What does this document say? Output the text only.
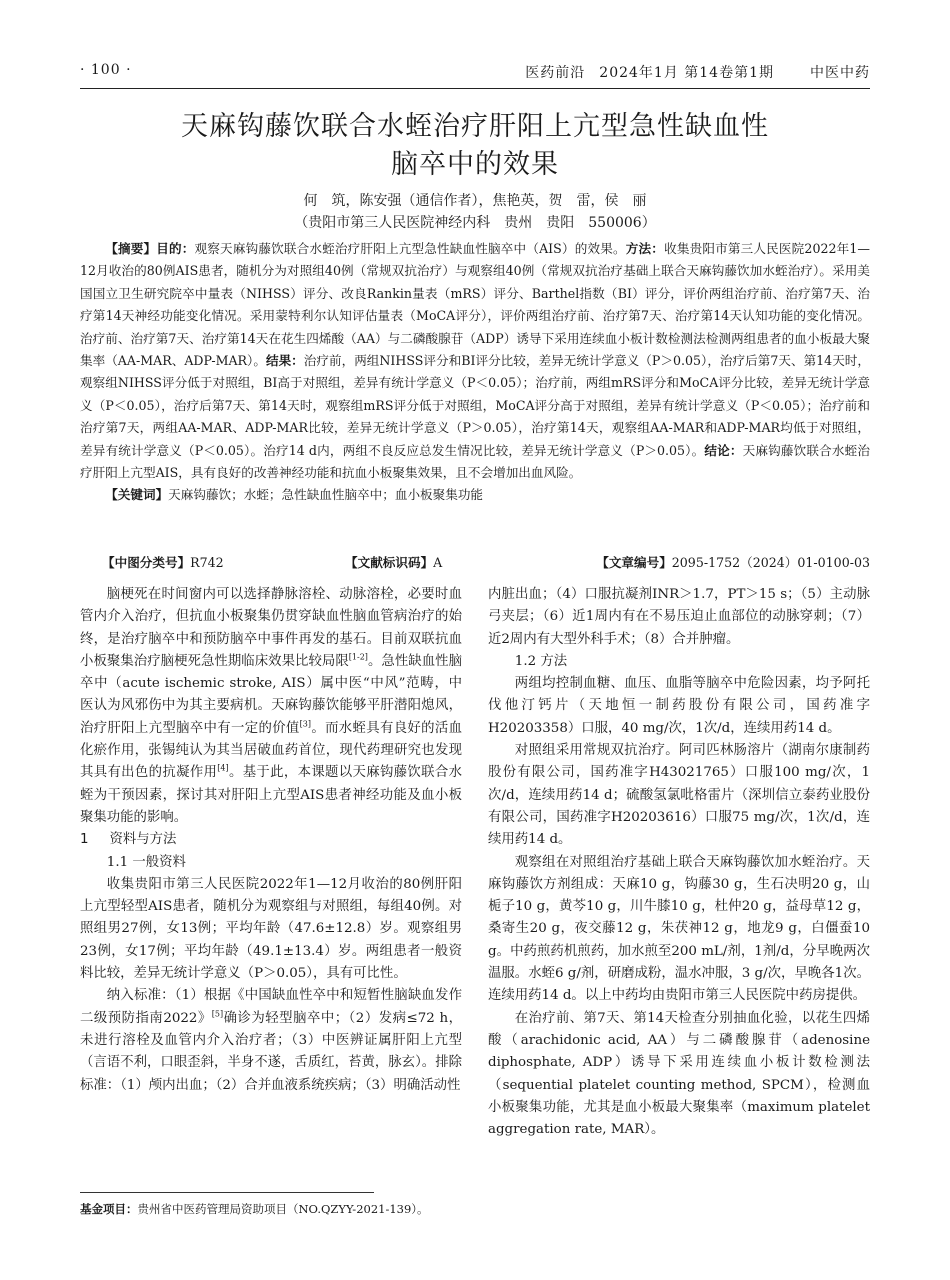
· 100 ·	医药前沿 2024年1月 第14卷第1期	中医中药
天麻钩藤饮联合水蛭治疗肝阳上亢型急性缺血性
脑卒中的效果
何　筑，陈安强（通信作者），焦艳英，贺　雷，侯　丽
（贵阳市第三人民医院神经内科　贵州　贵阳　550006）

【摘要】目的：观察天麻钩藤饮联合水蛭治疗肝阳上亢型急性缺血性脑卒中（AIS）的效果。方法：收集贵阳市第三人民医院2022年1—12月收治的80例AIS患者，随机分为对照组40例（常规双抗治疗）与观察组40例（常规双抗治疗基础上联合天麻钩藤饮加水蛭治疗）。采用美国国立卫生研究院卒中量表（NIHSS）评分、改良Rankin量表（mRS）评分、Barthel指数（BI）评分，评价两组治疗前、治疗第7天、治疗第14天神经功能变化情况。采用蒙特利尔认知评估量表（MoCA评分），评价两组治疗前、治疗第7天、治疗第14天认知功能的变化情况。治疗前、治疗第7天、治疗第14天在花生四烯酸（AA）与二磷酸腺苷（ADP）诱导下采用连续血小板计数检测法检测两组患者的血小板最大聚集率（AA-MAR、ADP-MAR）。结果：治疗前，两组NIHSS评分和BI评分比较，差异无统计学意义（P＞0.05），治疗后第7天、第14天时，观察组NIHSS评分低于对照组，BI高于对照组，差异有统计学意义（P＜0.05）；治疗前，两组mRS评分和MoCA评分比较，差异无统计学意义（P＜0.05），治疗后第7天、第14天时，观察组mRS评分低于对照组，MoCA评分高于对照组，差异有统计学意义（P＜0.05）；治疗前和治疗第7天，两组AA-MAR、ADP-MAR比较，差异无统计学意义（P＞0.05），治疗第14天，观察组AA-MAR和ADP-MAR均低于对照组，差异有统计学意义（P＜0.05）。治疗14 d内，两组不良反应总发生情况比较，差异无统计学意义（P＞0.05）。结论：天麻钩藤饮联合水蛭治疗肝阳上亢型AIS，具有良好的改善神经功能和抗血小板聚集效果，且不会增加出血风险。

【关键词】天麻钩藤饮；水蛭；急性缺血性脑卒中；血小板聚集功能

【中图分类号】R742	【文献标识码】A	【文章编号】2095-1752（2024）01-0100-03

脑梗死在时间窗内可以选择静脉溶栓、动脉溶栓，必要时血管内介入治疗，但抗血小板聚集仍贯穿缺血性脑血管病治疗的始终，是治疗脑卒中和预防脑卒中事件再发的基石。目前双联抗血小板聚集治疗脑梗死急性期临床效果比较局限[1-2]。急性缺血性脑卒中（acute ischemic stroke, AIS）属中医“中风”范畴，中医认为风邪伤中为其主要病机。天麻钩藤饮能够平肝潜阳熄风，治疗肝阳上亢型脑卒中有一定的价值[3]。而水蛭具有良好的活血化瘀作用，张锡纯认为其当居破血药首位，现代药理研究也发现其具有出色的抗凝作用[4]。基于此，本课题以天麻钩藤饮联合水蛭为干预因素，探讨其对肝阳上亢型AIS患者神经功能及血小板聚集功能的影响。

1 资料与方法

1.1 一般资料

收集贵阳市第三人民医院2022年1—12月收治的80例肝阳上亢型轻型AIS患者，随机分为观察组与对照组，每组40例。对照组男27例，女13例；平均年龄（47.6±12.8）岁。观察组男23例，女17例；平均年龄（49.1±13.4）岁。两组患者一般资料比较，差异无统计学意义（P＞0.05），具有可比性。

纳入标准：（1）根据《中国缺血性卒中和短暂性脑缺血发作二级预防指南2022》[5]确诊为轻型脑卒中；（2）发病≤72 h，未进行溶栓及血管内介入治疗者；（3）中医辨证属肝阳上亢型（言语不利，口眼歪斜，半身不遂，舌质红，苔黄，脉玄）。排除标准：（1）颅内出血；（2）合并血液系统疾病；（3）明确活动性

内脏出血；（4）口服抗凝剂INR＞1.7，PT＞15 s；（5）主动脉弓夹层；（6）近1周内有在不易压迫止血部位的动脉穿刺；（7）近2周内有大型外科手术；（8）合并肿瘤。

1.2 方法

两组均控制血糖、血压、血脂等脑卒中危险因素，均予阿托伐他汀钙片（天地恒一制药股份有限公司，国药准字H20203358）口服，40 mg/次，1次/d，连续用药14 d。

对照组采用常规双抗治疗。阿司匹林肠溶片（湖南尔康制药股份有限公司，国药准字H43021765）口服100 mg/次，1次/d，连续用药14 d；硫酸氢氯吡格雷片（深圳信立泰药业股份有限公司，国药准字H20203616）口服75 mg/次，1次/d，连续用药14 d。

观察组在对照组治疗基础上联合天麻钩藤饮加水蛭治疗。天麻钩藤饮方剂组成：天麻10 g，钩藤30 g，生石决明20 g，山栀子10 g，黄芩10 g，川牛膝10 g，杜仲20 g，益母草12 g，桑寄生20 g，夜交藤12 g，朱茯神12 g，地龙9 g，白僵蚕10 g。中药煎药机煎药，加水煎至200 mL/剂，1剂/d，分早晚两次温服。水蛭6 g/剂，研磨成粉，温水冲服，3 g/次，早晚各1次。连续用药14 d。以上中药均由贵阳市第三人民医院中药房提供。

在治疗前、第7天、第14天检查分别抽血化验，以花生四烯酸（arachidonic acid, AA）与二磷酸腺苷（adenosine diphosphate, ADP）诱导下采用连续血小板计数检测法（sequential platelet counting method, SPCM），检测血小板聚集功能，尤其是血小板最大聚集率（maximum platelet aggregation rate, MAR）。

基金项目：贵州省中医药管理局资助项目（NO.QZYY-2021-139）。
